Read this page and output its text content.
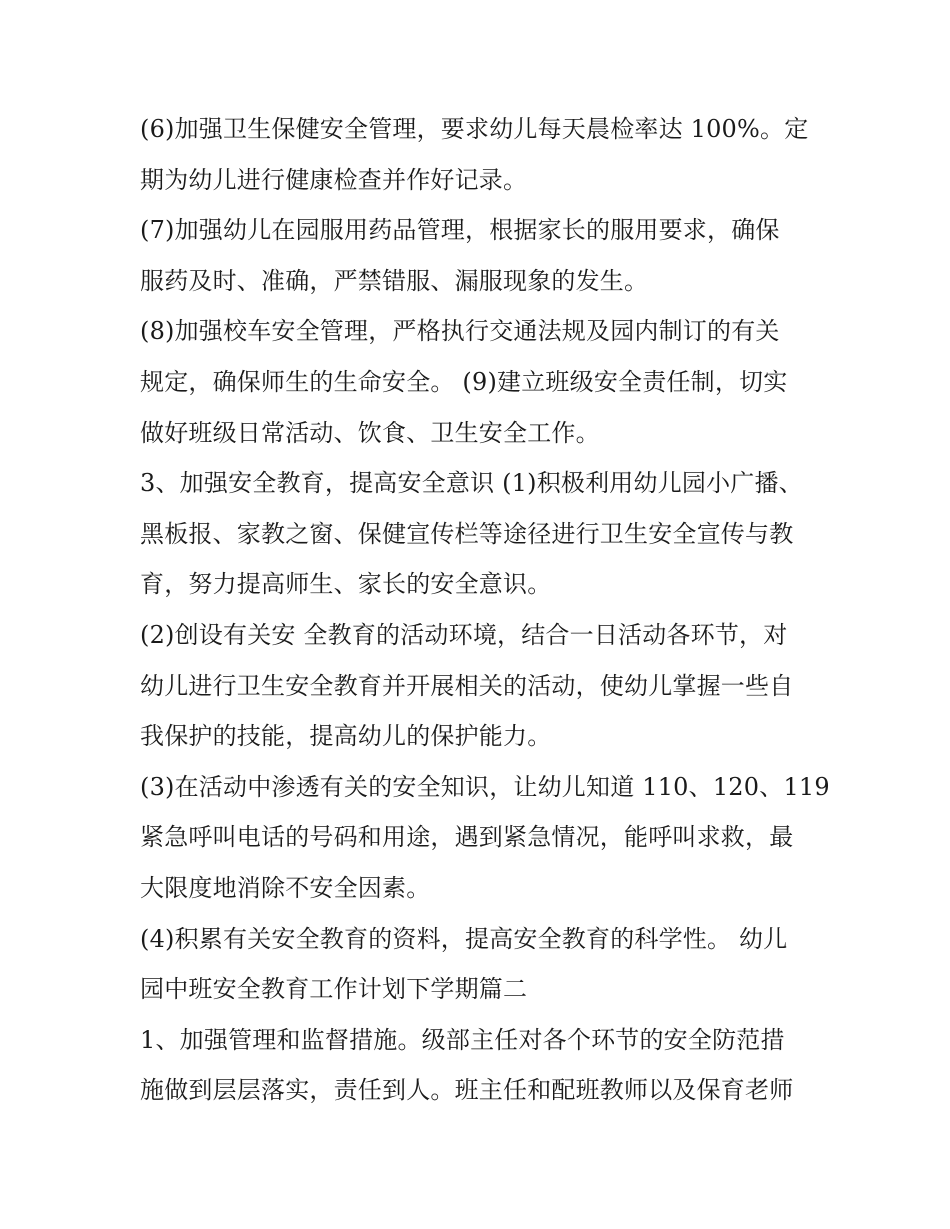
(6)加强卫生保健安全管理，要求幼儿每天晨检率达 100%。定
期为幼儿进行健康检查并作好记录。
(7)加强幼儿在园服用药品管理，根据家长的服用要求，确保
服药及时、准确，严禁错服、漏服现象的发生。
(8)加强校车安全管理，严格执行交通法规及园内制订的有关
规定，确保师生的生命安全。 (9)建立班级安全责任制，切实
做好班级日常活动、饮食、卫生安全工作。
3、加强安全教育，提高安全意识 (1)积极利用幼儿园小广播、
黑板报、家教之窗、保健宣传栏等途径进行卫生安全宣传与教
育，努力提高师生、家长的安全意识。
(2)创设有关安 全教育的活动环境，结合一日活动各环节，对
幼儿进行卫生安全教育并开展相关的活动，使幼儿掌握一些自
我保护的技能，提高幼儿的保护能力。
(3)在活动中渗透有关的安全知识，让幼儿知道 110、120、119
紧急呼叫电话的号码和用途，遇到紧急情况，能呼叫求救，最
大限度地消除不安全因素。
(4)积累有关安全教育的资料，提高安全教育的科学性。 幼儿
园中班安全教育工作计划下学期篇二
1、加强管理和监督措施。级部主任对各个环节的安全防范措
施做到层层落实，责任到人。班主任和配班教师以及保育老师
